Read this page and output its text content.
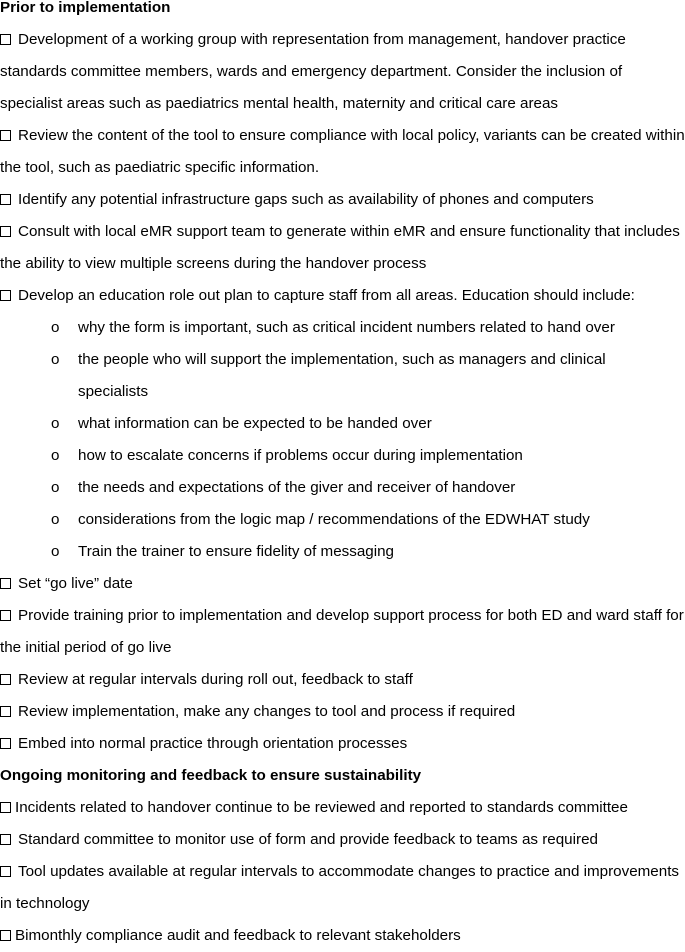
Prior to implementation
Development of a working group with representation from management, handover practice standards committee members, wards and emergency department. Consider the inclusion of specialist areas such as paediatrics mental health, maternity and critical care areas
Review the content of the tool to ensure compliance with local policy, variants can be created within the tool, such as paediatric specific information.
Identify any potential infrastructure gaps such as availability of phones and computers
Consult with local eMR support team to generate within eMR and ensure functionality that includes the ability to view multiple screens during the handover process
Develop an education role out plan to capture staff from all areas. Education should include:
o why the form is important, such as critical incident numbers related to hand over
o the people who will support the implementation, such as managers and clinical specialists
o what information can be expected to be handed over
o how to escalate concerns if problems occur during implementation
o the needs and expectations of the giver and receiver of handover
o considerations from the logic map / recommendations of the EDWHAT study
o Train the trainer to ensure fidelity of messaging
Set “go live” date
Provide training prior to implementation and develop support process for both ED and ward staff for the initial period of go live
Review at regular intervals during roll out, feedback to staff
Review implementation, make any changes to tool and process if required
Embed into normal practice through orientation processes
Ongoing monitoring and feedback to ensure sustainability
Incidents related to handover continue to be reviewed and reported to standards committee
Standard committee to monitor use of form and provide feedback to teams as required
Tool updates available at regular intervals to accommodate changes to practice and improvements in technology
Bimonthly compliance audit and feedback to relevant stakeholders
